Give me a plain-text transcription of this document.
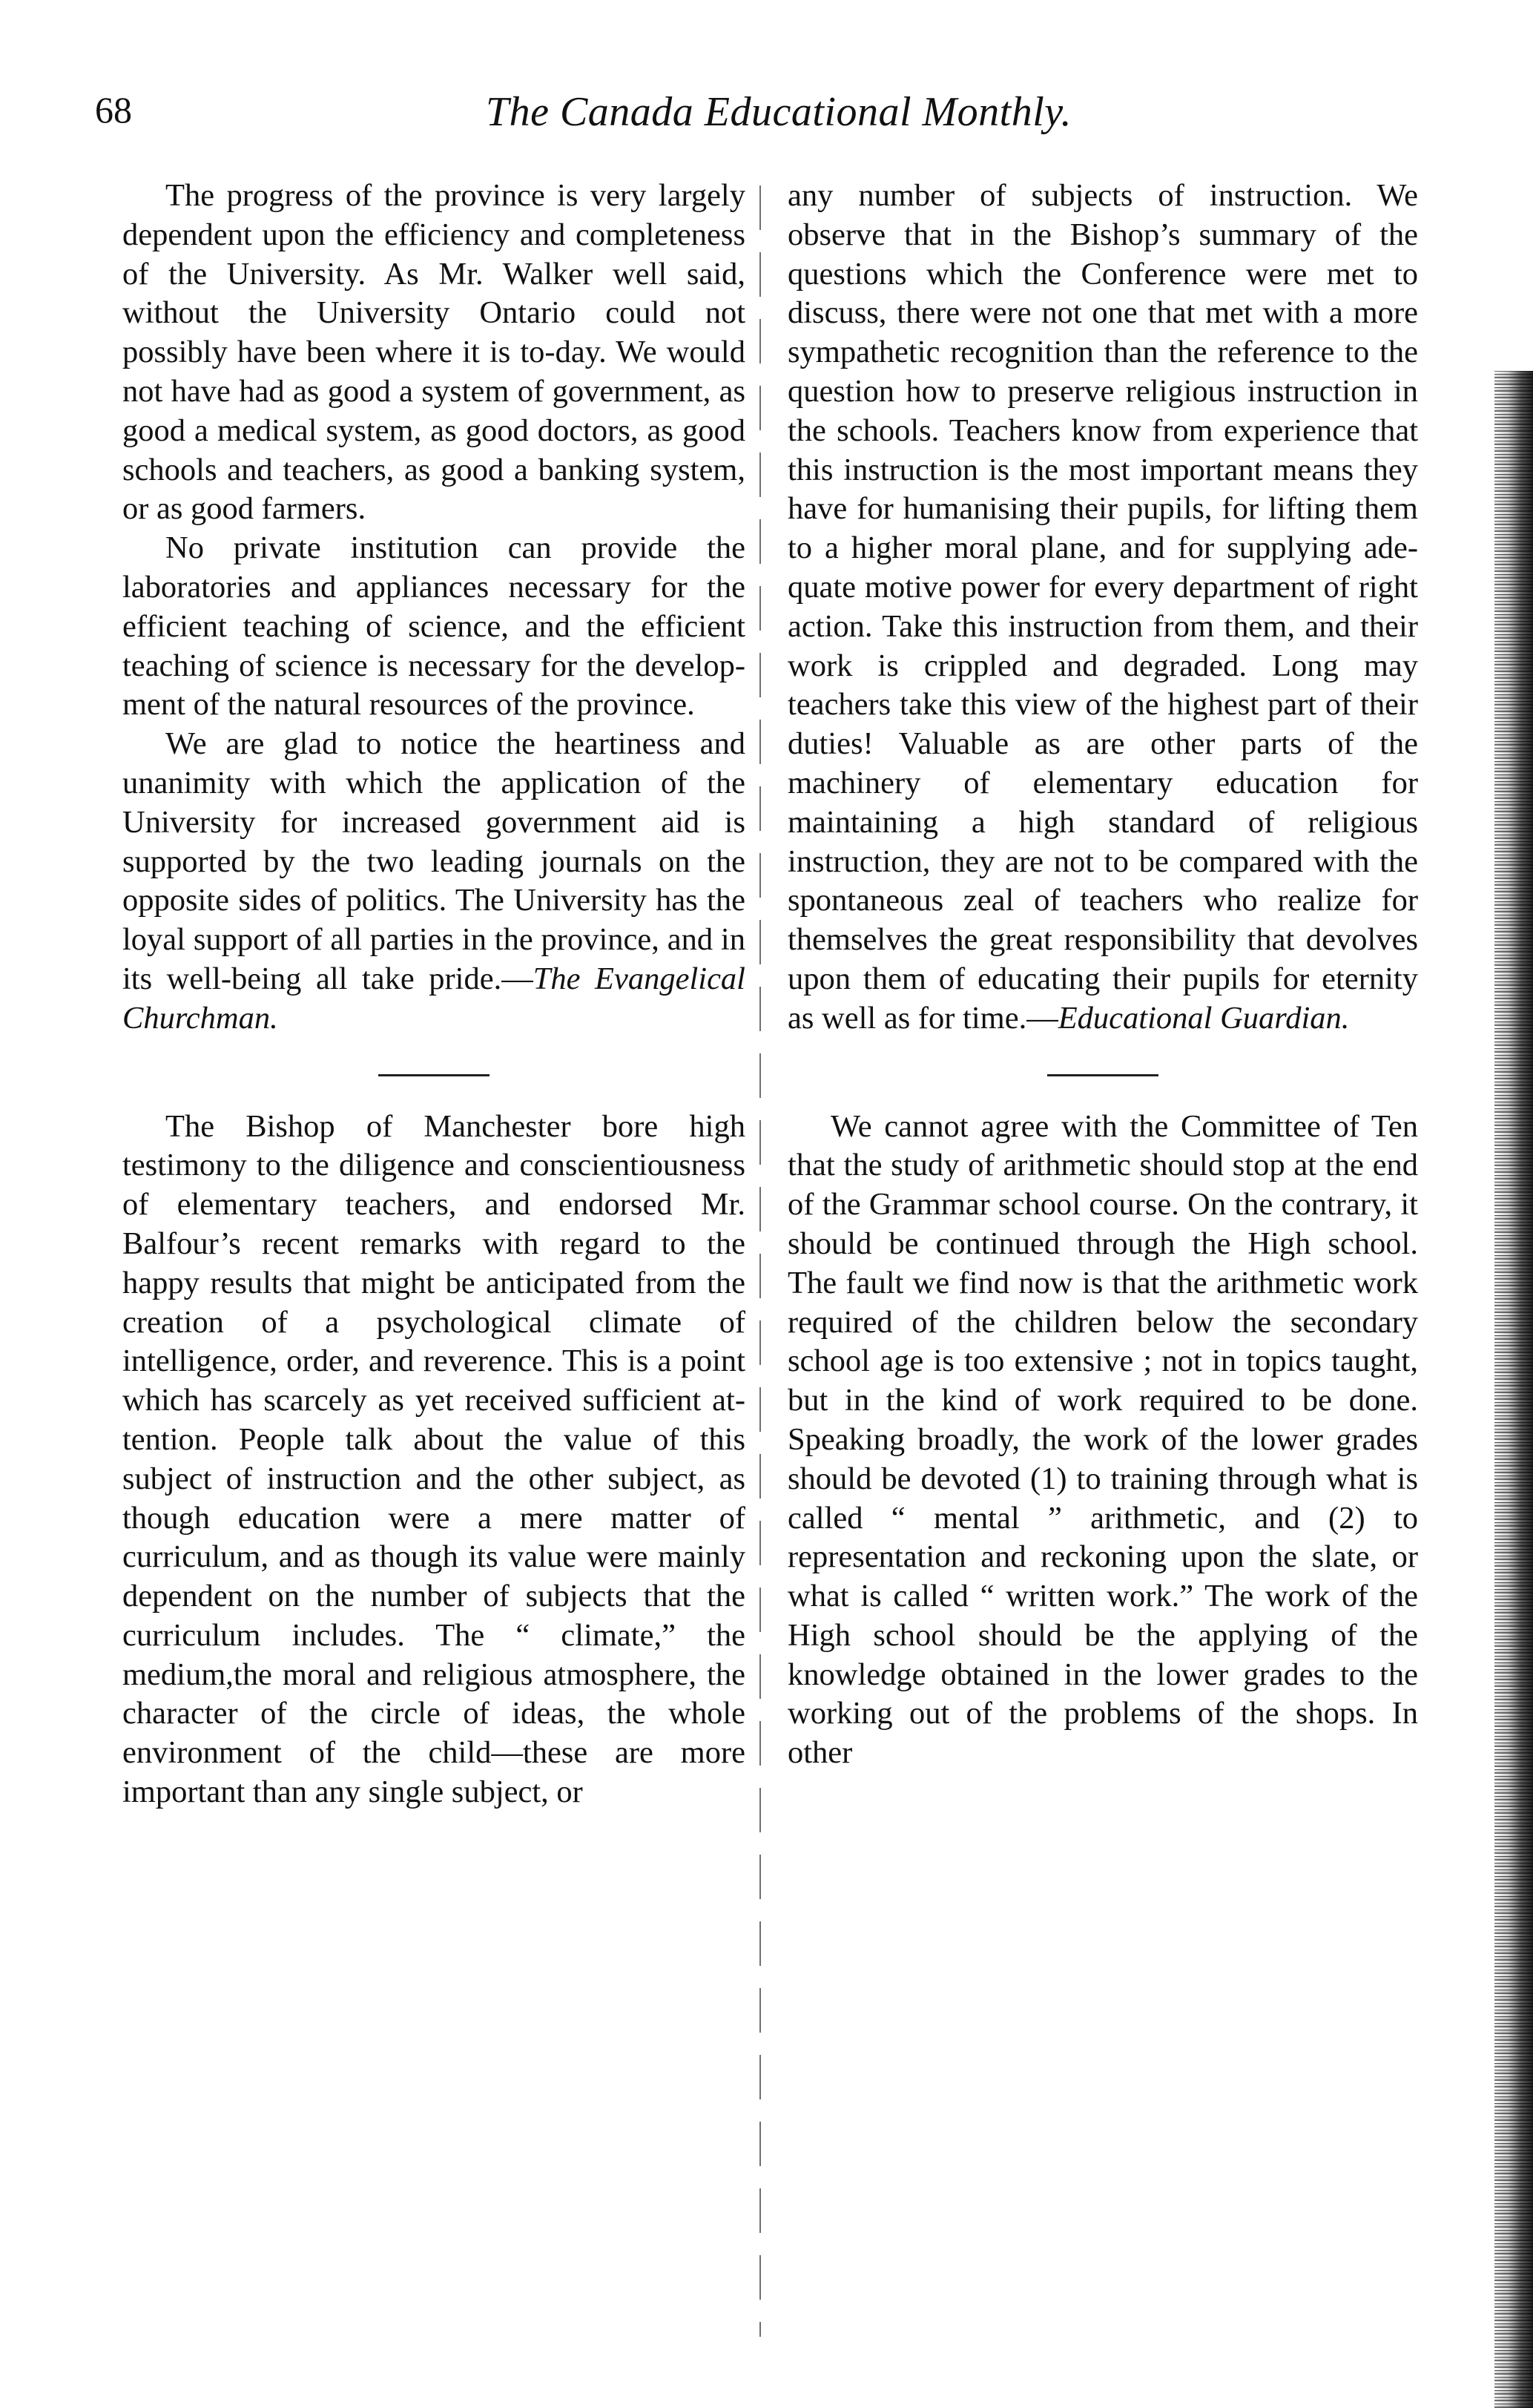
68	The Canada Educational Monthly.

The progress of the province is very largely dependent upon the efficiency and completeness of the University. As Mr. Walker well said, without the University Ontario could not possibly have been where it is to-day. We would not have had as good a system of government, as good a medical system, as good doctors, as good schools and teachers, as good a banking system, or as good farmers.

No private institution can provide the laboratories and appliances necessary for the efficient teaching of science, and the efficient teaching of science is necessary for the development of the natural resources of the province.

We are glad to notice the heartiness and unanimity with which the application of the University for increased government aid is supported by the two leading journals on the opposite sides of politics. The University has the loyal support of all parties in the province, and in its well-being all take pride.—The Evangelical Churchman.

The Bishop of Manchester bore high testimony to the diligence and conscientiousness of elementary teachers, and endorsed Mr. Balfour’s recent remarks with regard to the happy results that might be anticipated from the creation of a psychological climate of intelligence, order, and reverence. This is a point which has scarcely as yet received sufficient attention. People talk about the value of this subject of instruction and the other subject, as though education were a mere matter of curriculum, and as though its value were mainly dependent on the number of subjects that the curriculum includes. The “ climate,” the medium,the moral and religious atmosphere, the character of the circle of ideas, the whole environment of the child—these are more important than any single subject, or

any number of subjects of instruction. We observe that in the Bishop’s summary of the questions which the Conference were met to discuss, there were not one that met with a more sympathetic recognition than the reference to the question how to preserve religious instruction in the schools. Teachers know from experience that this instruction is the most important means they have for humanising their pupils, for lifting them to a higher moral plane, and for supplying adequate motive power for every department of right action. Take this instruction from them, and their work is crippled and degraded. Long may teachers take this view of the highest part of their duties! Valuable as are other parts of the machinery of elementary education for maintaining a high standard of religious instruction, they are not to be compared with the spontaneous zeal of teachers who realize for themselves the great responsibility that devolves upon them of educating their pupils for eternity as well as for time.—Educational Guardian.

We cannot agree with the Committee of Ten that the study of arithmetic should stop at the end of the Grammar school course. On the contrary, it should be continued through the High school. The fault we find now is that the arithmetic work required of the children below the secondary school age is too extensive ; not in topics taught, but in the kind of work required to be done. Speaking broadly, the work of the lower grades should be devoted (1) to training through what is called “ mental ” arithmetic, and (2) to representation and reckoning upon the slate, or what is called “ written work.” The work of the High school should be the applying of the knowledge obtained in the lower grades to the working out of the problems of the shops. In other
